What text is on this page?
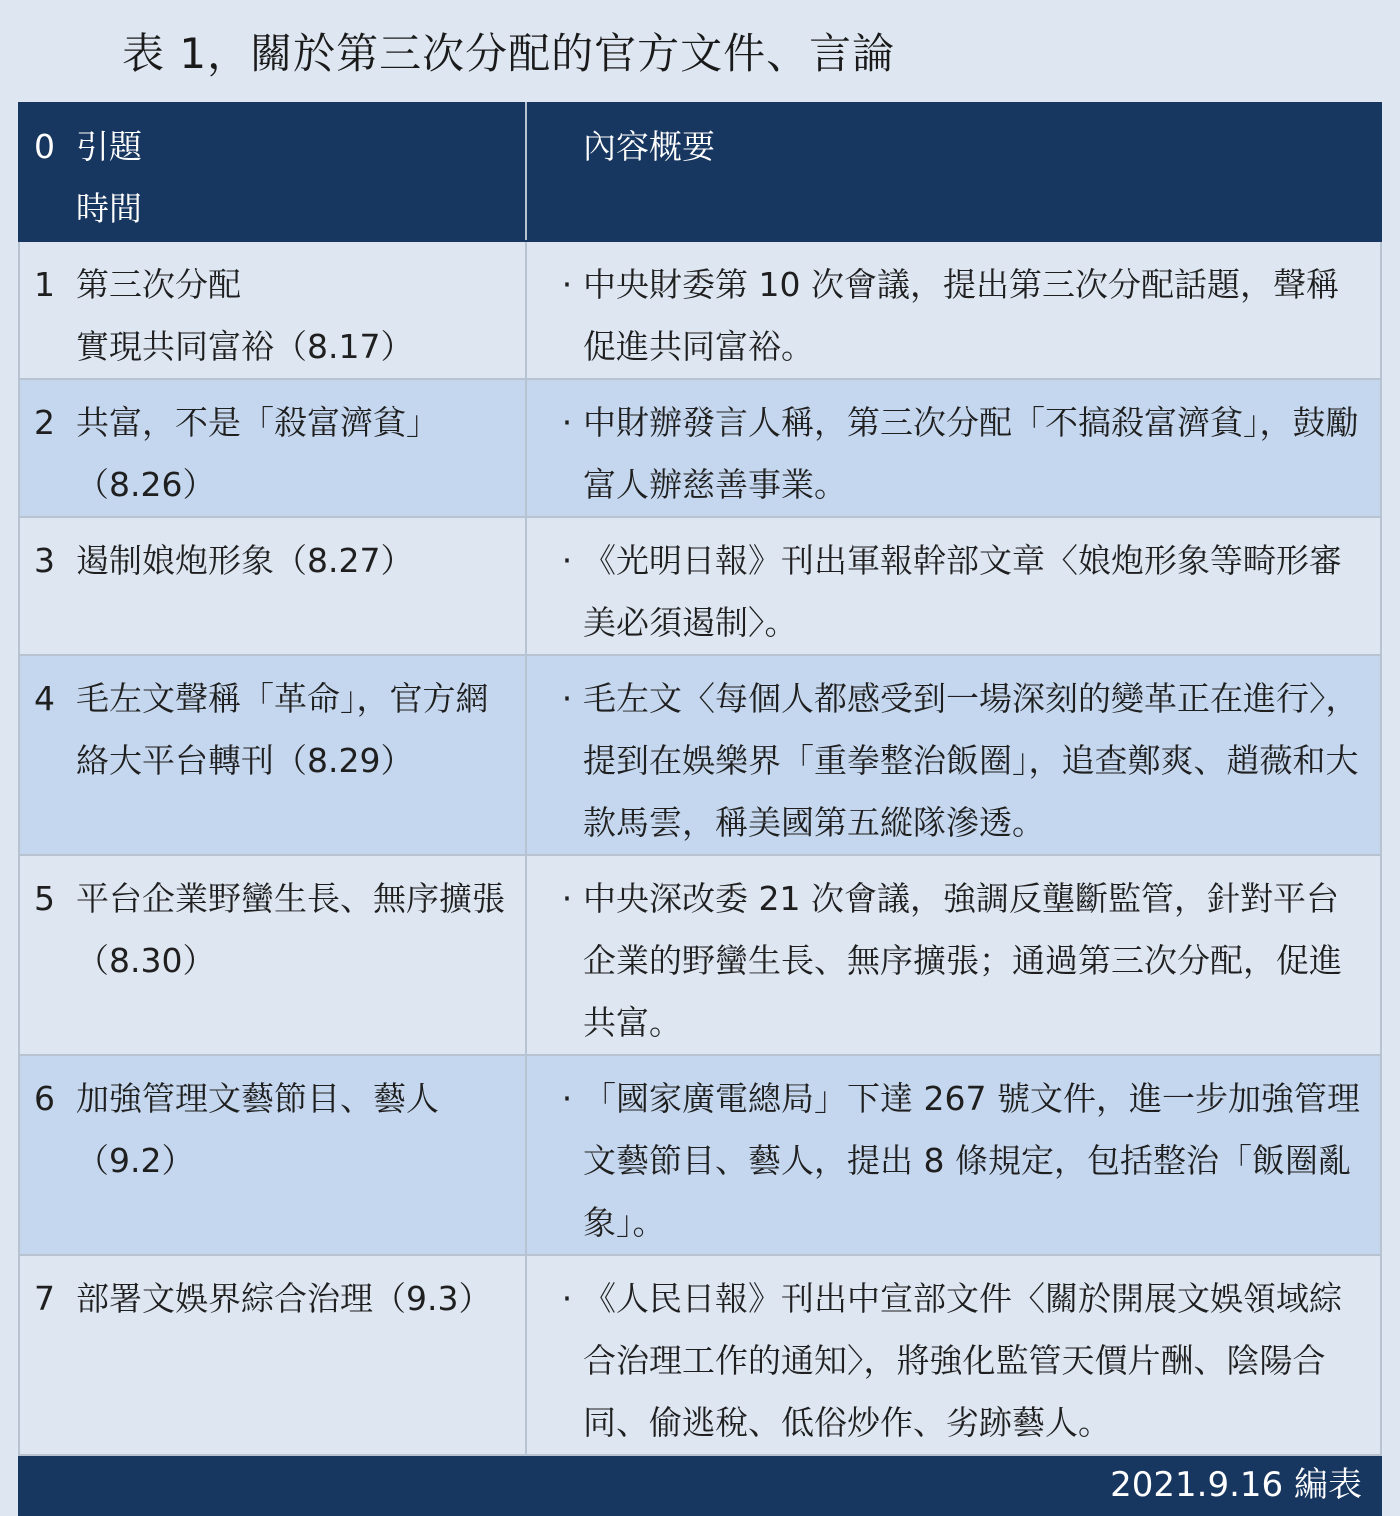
表 1，關於第三次分配的官方文件、言論
0 引題
時間	內容概要

1 第三次分配
實現共同富裕（8.17）	· 中央財委第 10 次會議，提出第三次分配話題，聲稱促進共同富裕。

2 共富，不是「殺富濟貧」（8.26）	· 中財辦發言人稱，第三次分配「不搞殺富濟貧」，鼓勵富人辦慈善事業。

3 遏制娘炮形象（8.27）	· 《光明日報》刊出軍報幹部文章〈娘炮形象等畸形審美必須遏制〉。

4 毛左文聲稱「革命」，官方網絡大平台轉刊（8.29）	· 毛左文〈每個人都感受到一場深刻的變革正在進行〉，提到在娛樂界「重拳整治飯圈」，追查鄭爽、趙薇和大款馬雲，稱美國第五縱隊滲透。

5 平台企業野蠻生長、無序擴張（8.30）	· 中央深改委 21 次會議，強調反壟斷監管，針對平台企業的野蠻生長、無序擴張；通過第三次分配，促進共富。

6 加強管理文藝節目、藝人（9.2）	· 「國家廣電總局」下達 267 號文件，進一步加強管理文藝節目、藝人，提出 8 條規定，包括整治「飯圈亂象」。

7 部署文娛界綜合治理（9.3）	· 《人民日報》刊出中宣部文件〈關於開展文娛領域綜合治理工作的通知〉，將強化監管天價片酬、陰陽合同、偷逃稅、低俗炒作、劣跡藝人。

2021.9.16 編表	
